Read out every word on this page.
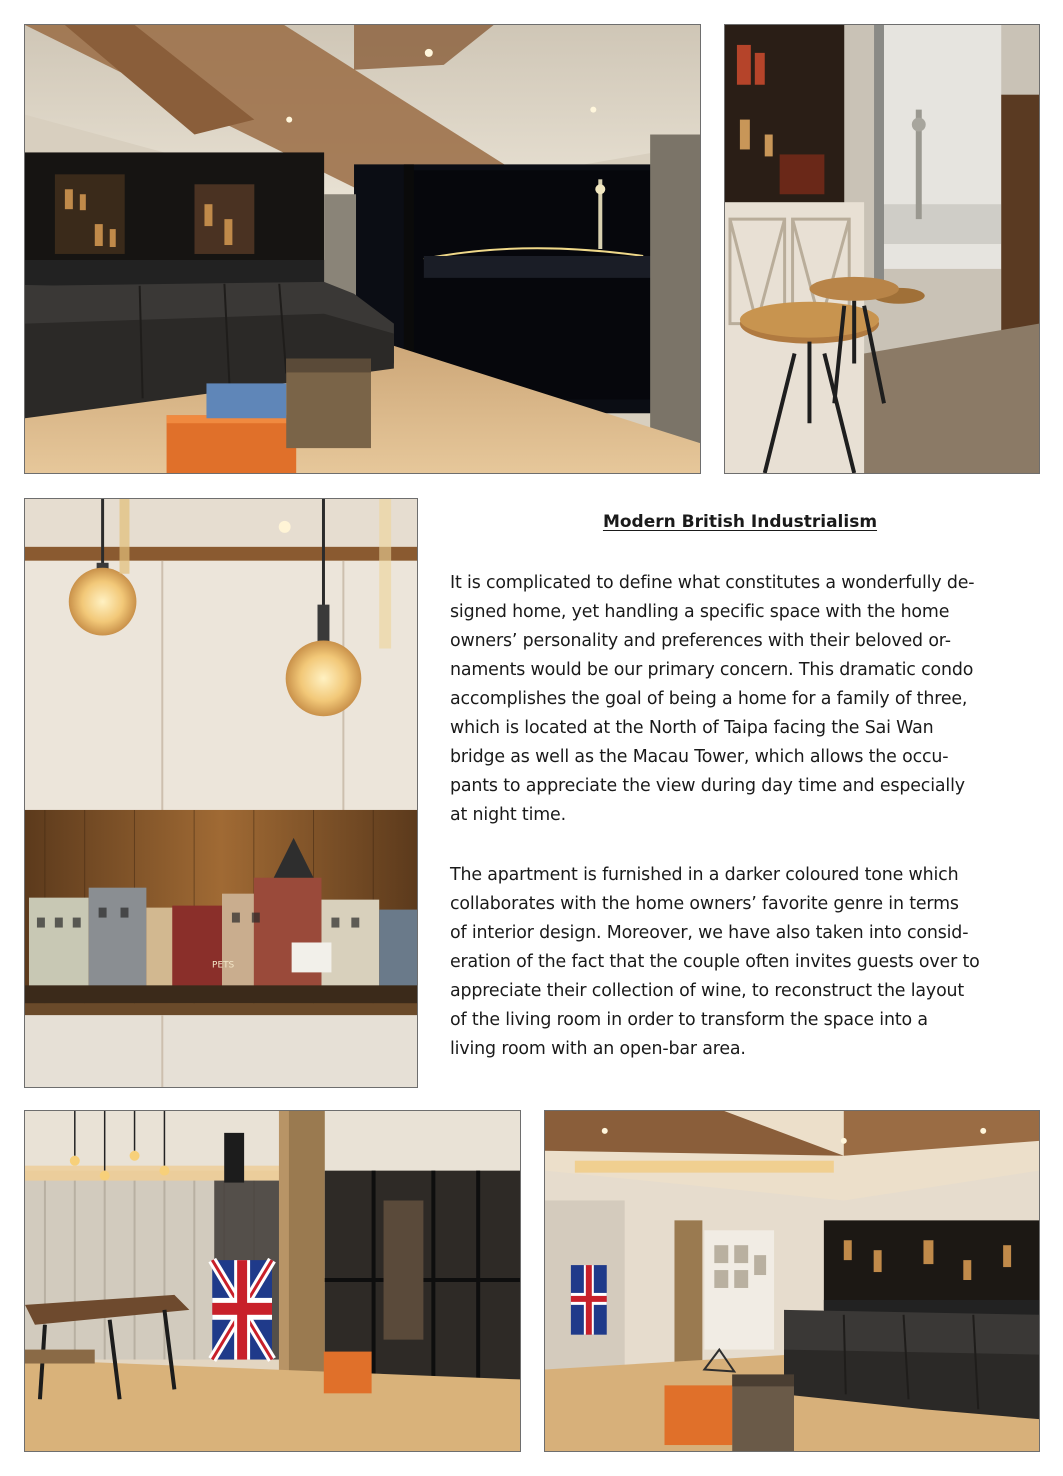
PETS
Modern British Industrialism
It is complicated to define what constitutes a wonderfully de-
signed home, yet handling a specific space with the home
owners’ personality and preferences with their beloved or-
naments would be our primary concern. This dramatic condo
accomplishes the goal of being a home for a family of three,
which is located at the North of Taipa facing the Sai Wan
bridge as well as the Macau Tower, which allows the occu-
pants to appreciate the view during day time and especially
at night time.
The apartment is furnished in a darker coloured tone which
collaborates with the home owners’ favorite genre in terms
of interior design. Moreover, we have also taken into consid-
eration of the fact that the couple often invites guests over to
appreciate their collection of wine, to reconstruct the layout
of the living room in order to transform the space into a
living room with an open-bar area.
